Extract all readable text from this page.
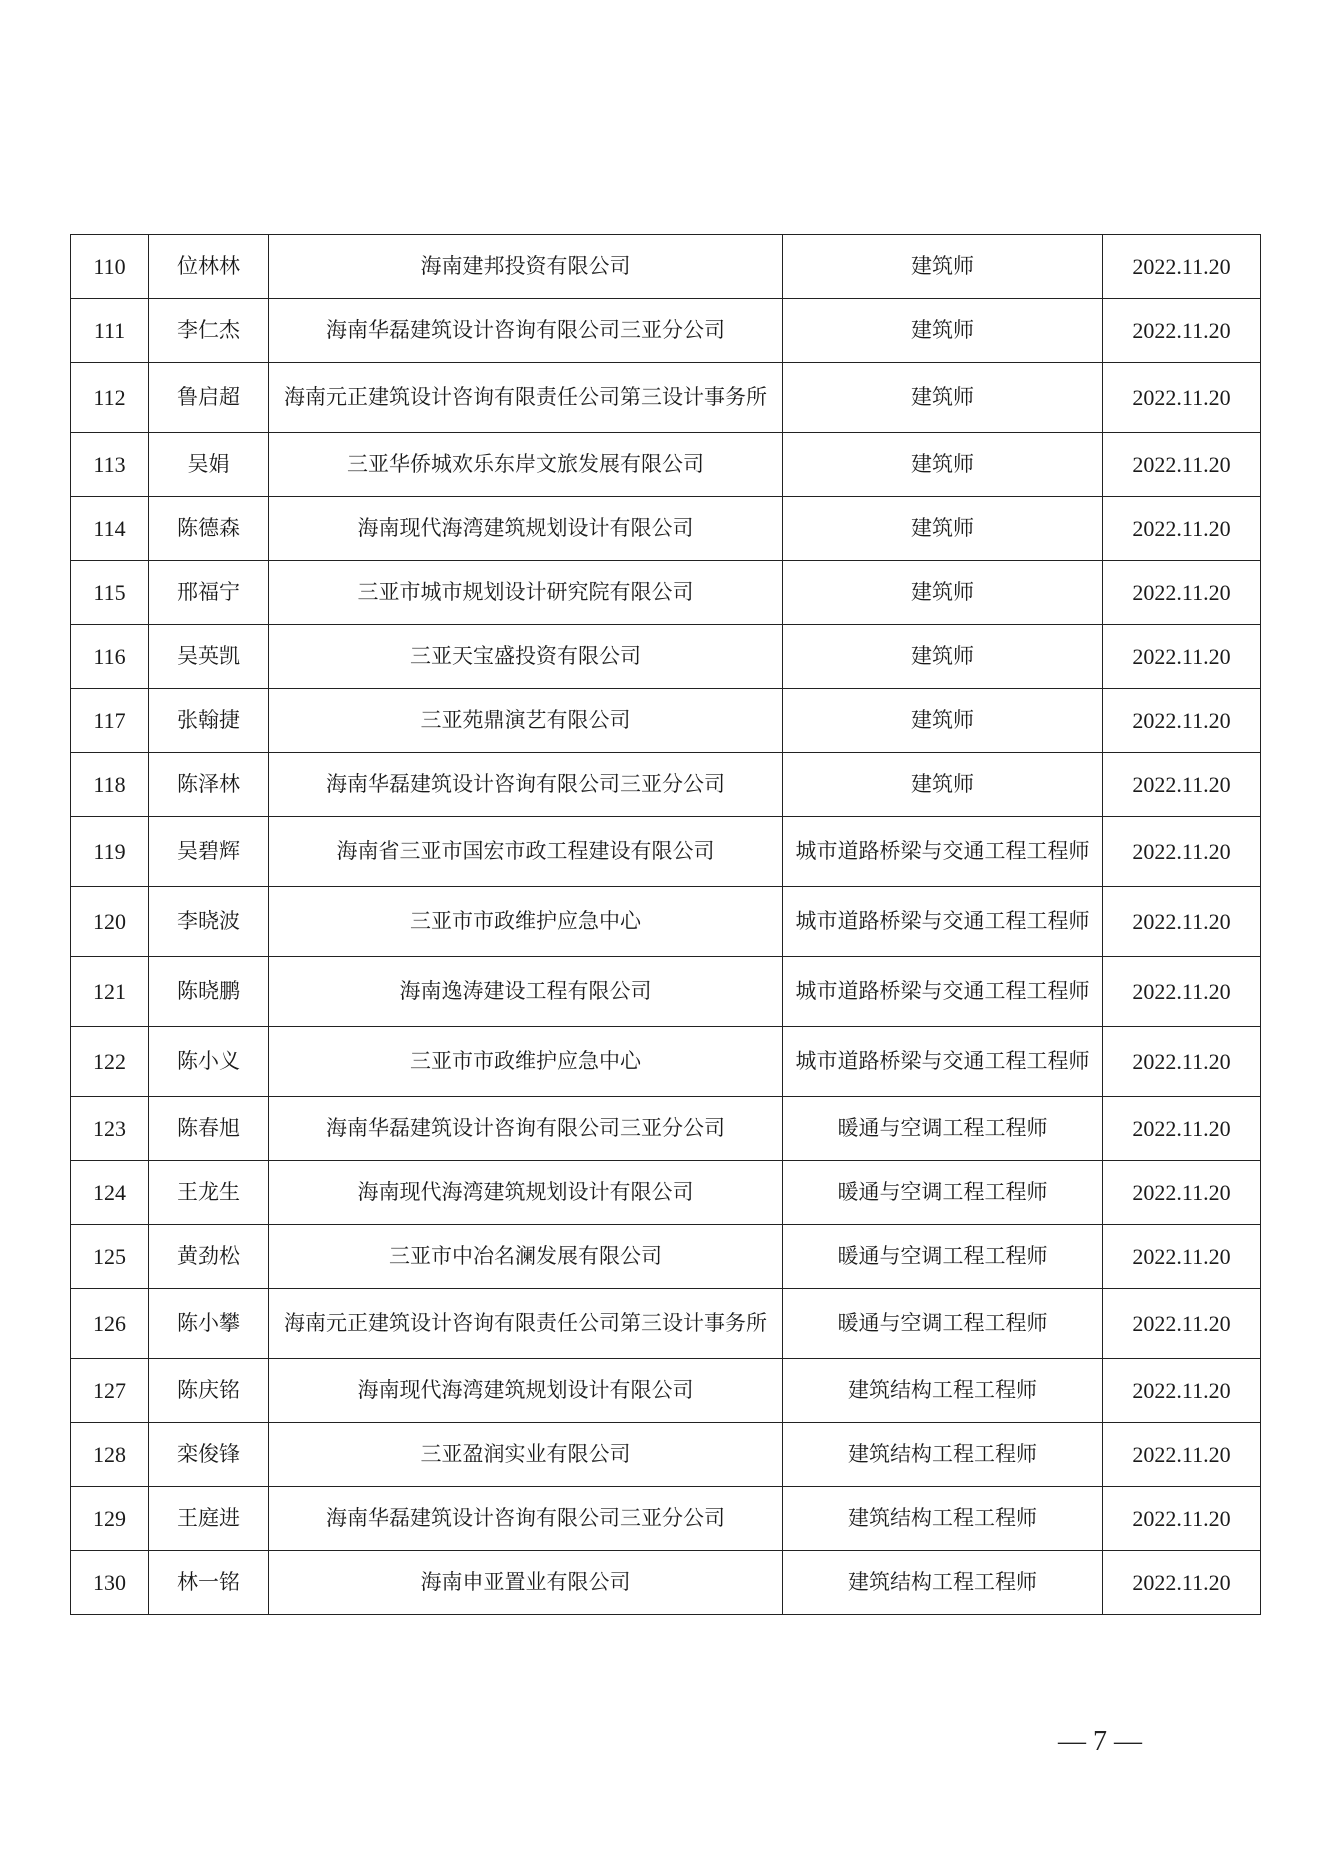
110	位林林	海南建邦投资有限公司	建筑师	2022.11.20
111	李仁杰	海南华磊建筑设计咨询有限公司三亚分公司	建筑师	2022.11.20
112	鲁启超	海南元正建筑设计咨询有限责任公司第三设计事务所	建筑师	2022.11.20
113	吴娟	三亚华侨城欢乐东岸文旅发展有限公司	建筑师	2022.11.20
114	陈德森	海南现代海湾建筑规划设计有限公司	建筑师	2022.11.20
115	邢福宁	三亚市城市规划设计研究院有限公司	建筑师	2022.11.20
116	吴英凯	三亚天宝盛投资有限公司	建筑师	2022.11.20
117	张翰捷	三亚苑鼎演艺有限公司	建筑师	2022.11.20
118	陈泽林	海南华磊建筑设计咨询有限公司三亚分公司	建筑师	2022.11.20
119	吴碧辉	海南省三亚市国宏市政工程建设有限公司	城市道路桥梁与交通工程工程师	2022.11.20
120	李晓波	三亚市市政维护应急中心	城市道路桥梁与交通工程工程师	2022.11.20
121	陈晓鹏	海南逸涛建设工程有限公司	城市道路桥梁与交通工程工程师	2022.11.20
122	陈小义	三亚市市政维护应急中心	城市道路桥梁与交通工程工程师	2022.11.20
123	陈春旭	海南华磊建筑设计咨询有限公司三亚分公司	暖通与空调工程工程师	2022.11.20
124	王龙生	海南现代海湾建筑规划设计有限公司	暖通与空调工程工程师	2022.11.20
125	黄劲松	三亚市中冶名澜发展有限公司	暖通与空调工程工程师	2022.11.20
126	陈小攀	海南元正建筑设计咨询有限责任公司第三设计事务所	暖通与空调工程工程师	2022.11.20
127	陈庆铭	海南现代海湾建筑规划设计有限公司	建筑结构工程工程师	2022.11.20
128	栾俊锋	三亚盈润实业有限公司	建筑结构工程工程师	2022.11.20
129	王庭进	海南华磊建筑设计咨询有限公司三亚分公司	建筑结构工程工程师	2022.11.20
130	林一铭	海南申亚置业有限公司	建筑结构工程工程师	2022.11.20
— 7 —
